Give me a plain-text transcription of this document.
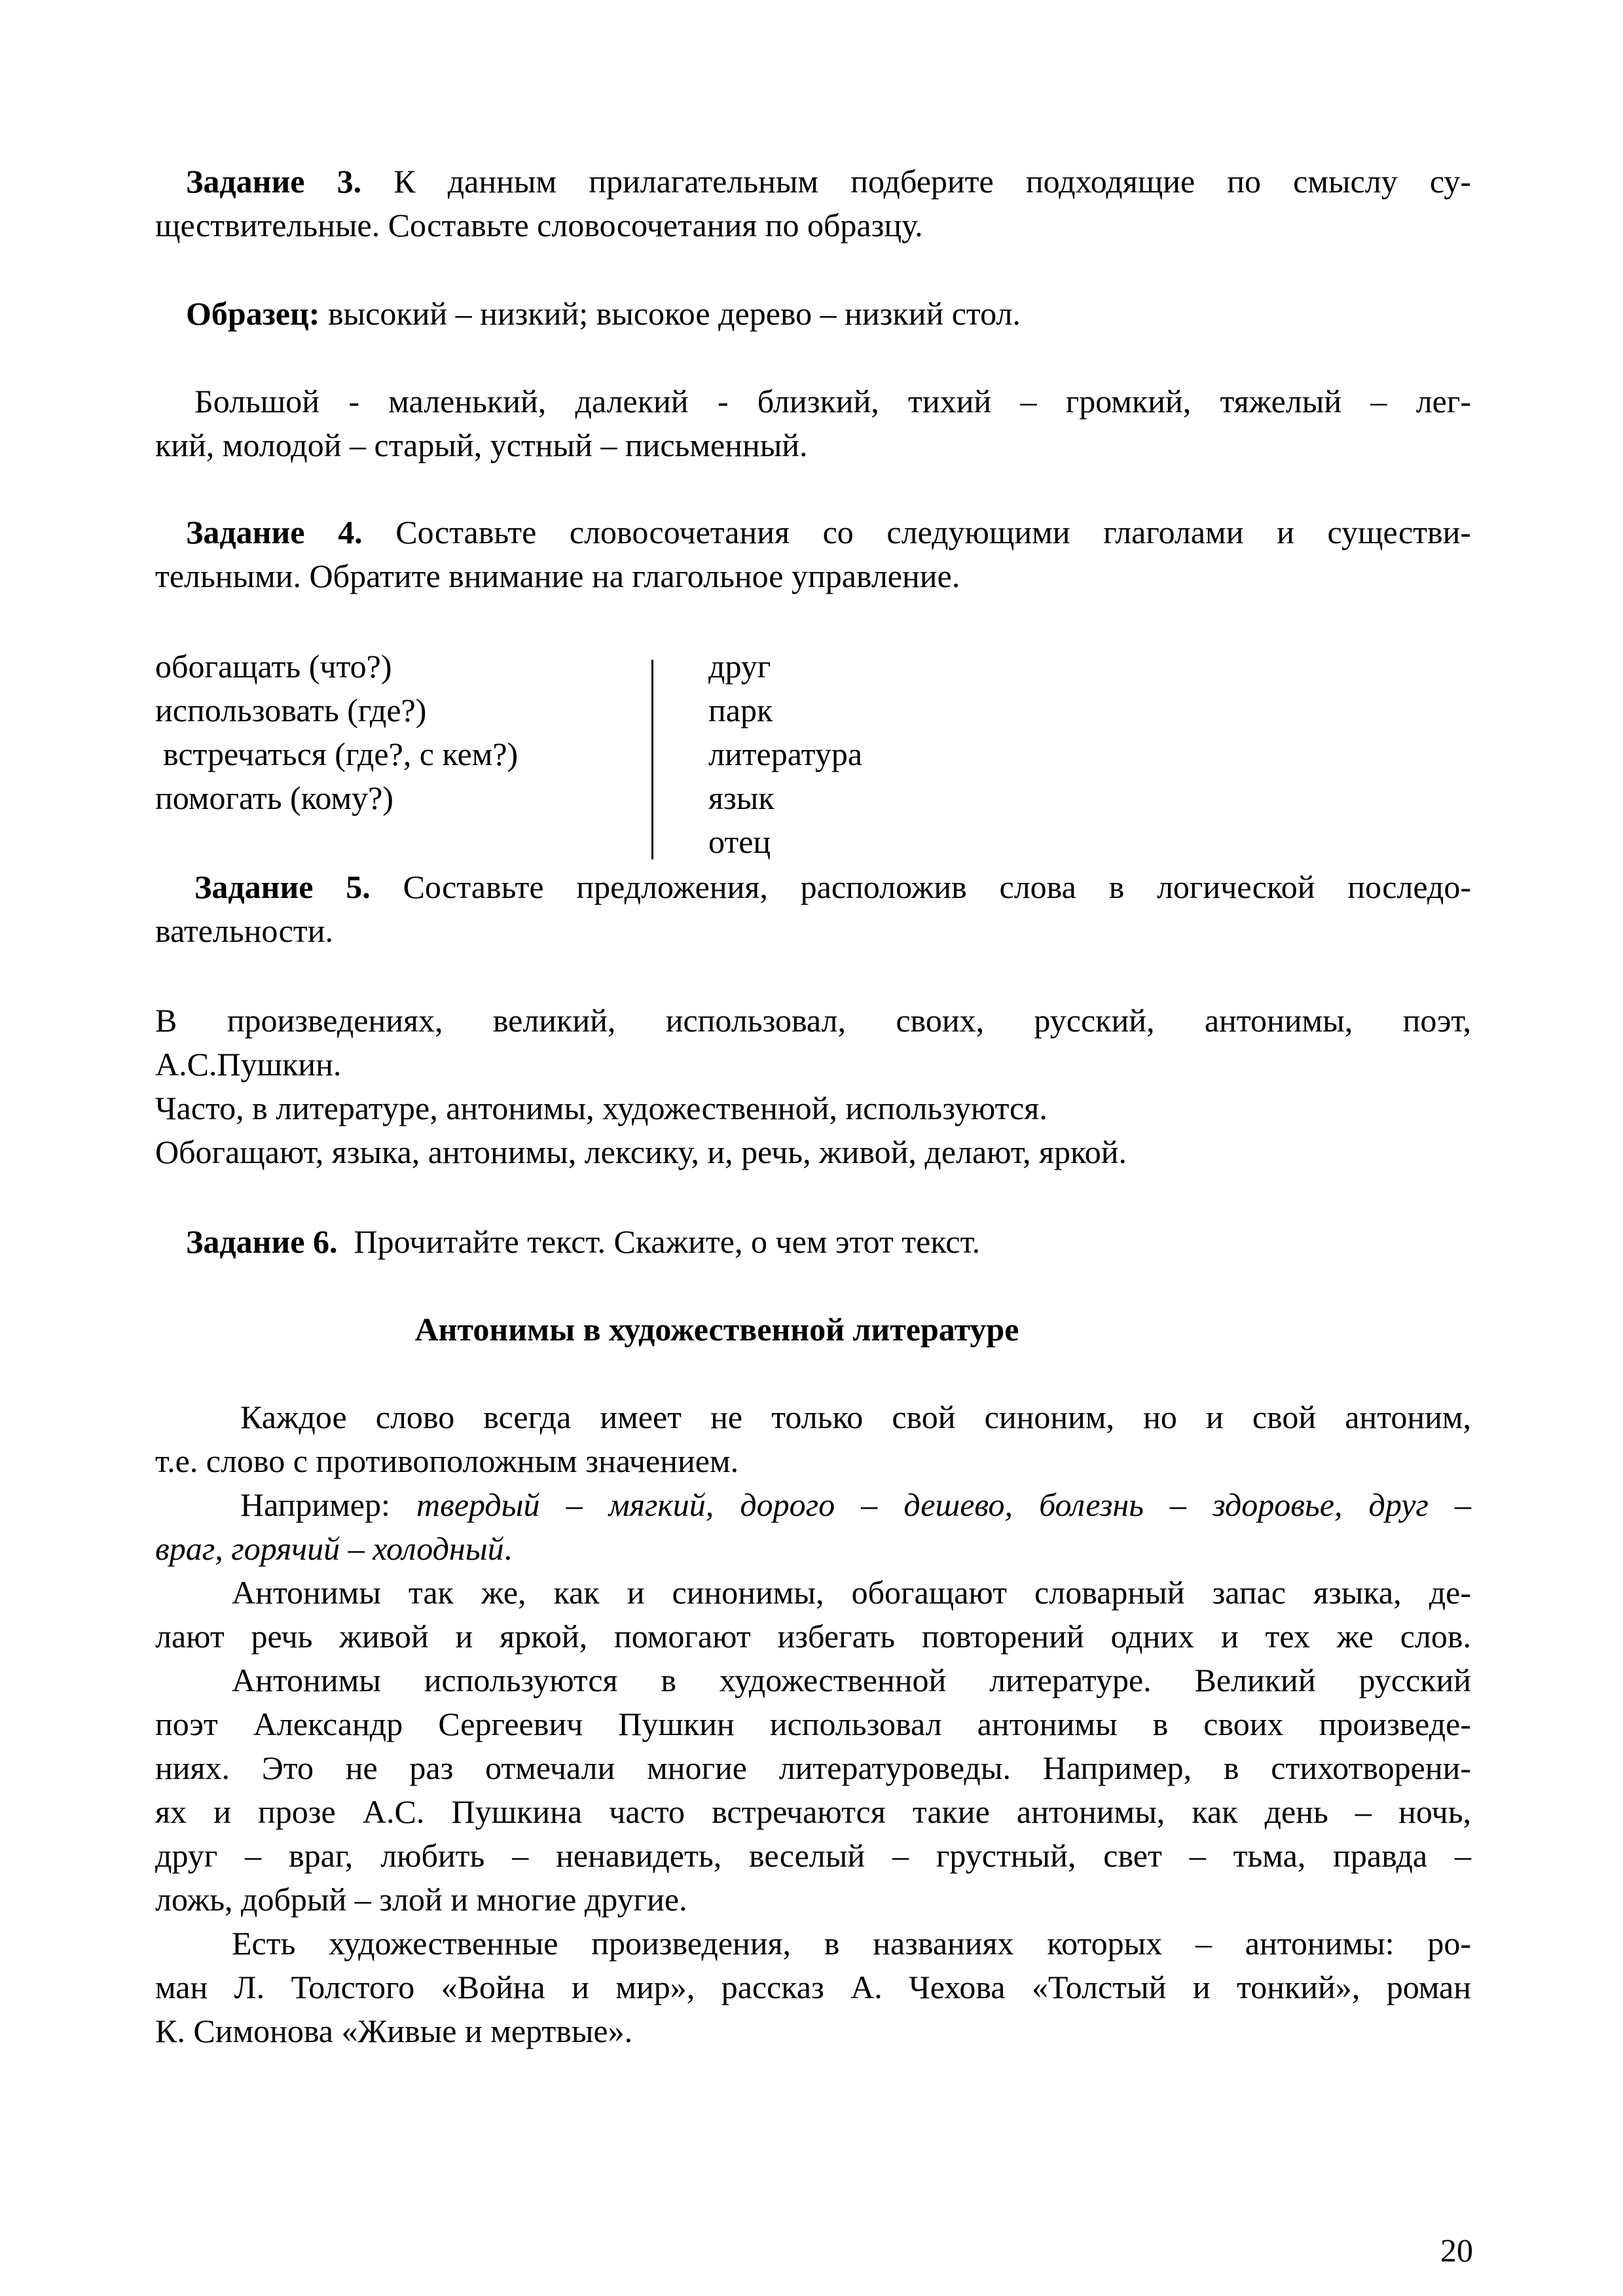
Задание 3. К данным прилагательным подберите подходящие по смыслу су-
ществительные. Составьте словосочетания по образцу.
Образец: высокий – низкий; высокое дерево – низкий стол.
Большой - маленький, далекий - близкий, тихий – громкий, тяжелый – лег-
кий, молодой – старый, устный – письменный.
Задание 4. Составьте словосочетания со следующими глаголами и существи-
тельными. Обратите внимание на глагольное управление.
обогащать (что?)
использовать (где?)
встречаться (где?, с кем?)
помогать (кому?)
друг
парк
литература
язык
отец
Задание 5. Составьте предложения, расположив слова в логической последо-
вательности.
В произведениях, великий, использовал, своих, русский, антонимы, поэт,
А.С.Пушкин.
Часто, в литературе, антонимы, художественной, используются.
Обогащают, языка, антонимы, лексику, и, речь, живой, делают, яркой.
Задание 6. Прочитайте текст. Скажите, о чем этот текст.
Антонимы в художественной литературе
Каждое слово всегда имеет не только свой синоним, но и свой антоним,
т.е. слово с противоположным значением.
Например: твердый – мягкий, дорого – дешево, болезнь – здоровье, друг –
враг, горячий – холодный.
Антонимы так же, как и синонимы, обогащают словарный запас языка, де-
лают речь живой и яркой, помогают избегать повторений одних и тех же слов.
Антонимы используются в художественной литературе. Великий русский
поэт Александр Сергеевич Пушкин использовал антонимы в своих произведе-
ниях. Это не раз отмечали многие литературоведы. Например, в стихотворени-
ях и прозе А.С. Пушкина часто встречаются такие антонимы, как день – ночь,
друг – враг, любить – ненавидеть, веселый – грустный, свет – тьма, правда –
ложь, добрый – злой и многие другие.
Есть художественные произведения, в названиях которых – антонимы: ро-
ман Л. Толстого «Война и мир», рассказ А. Чехова «Толстый и тонкий», роман
К. Симонова «Живые и мертвые».
20
